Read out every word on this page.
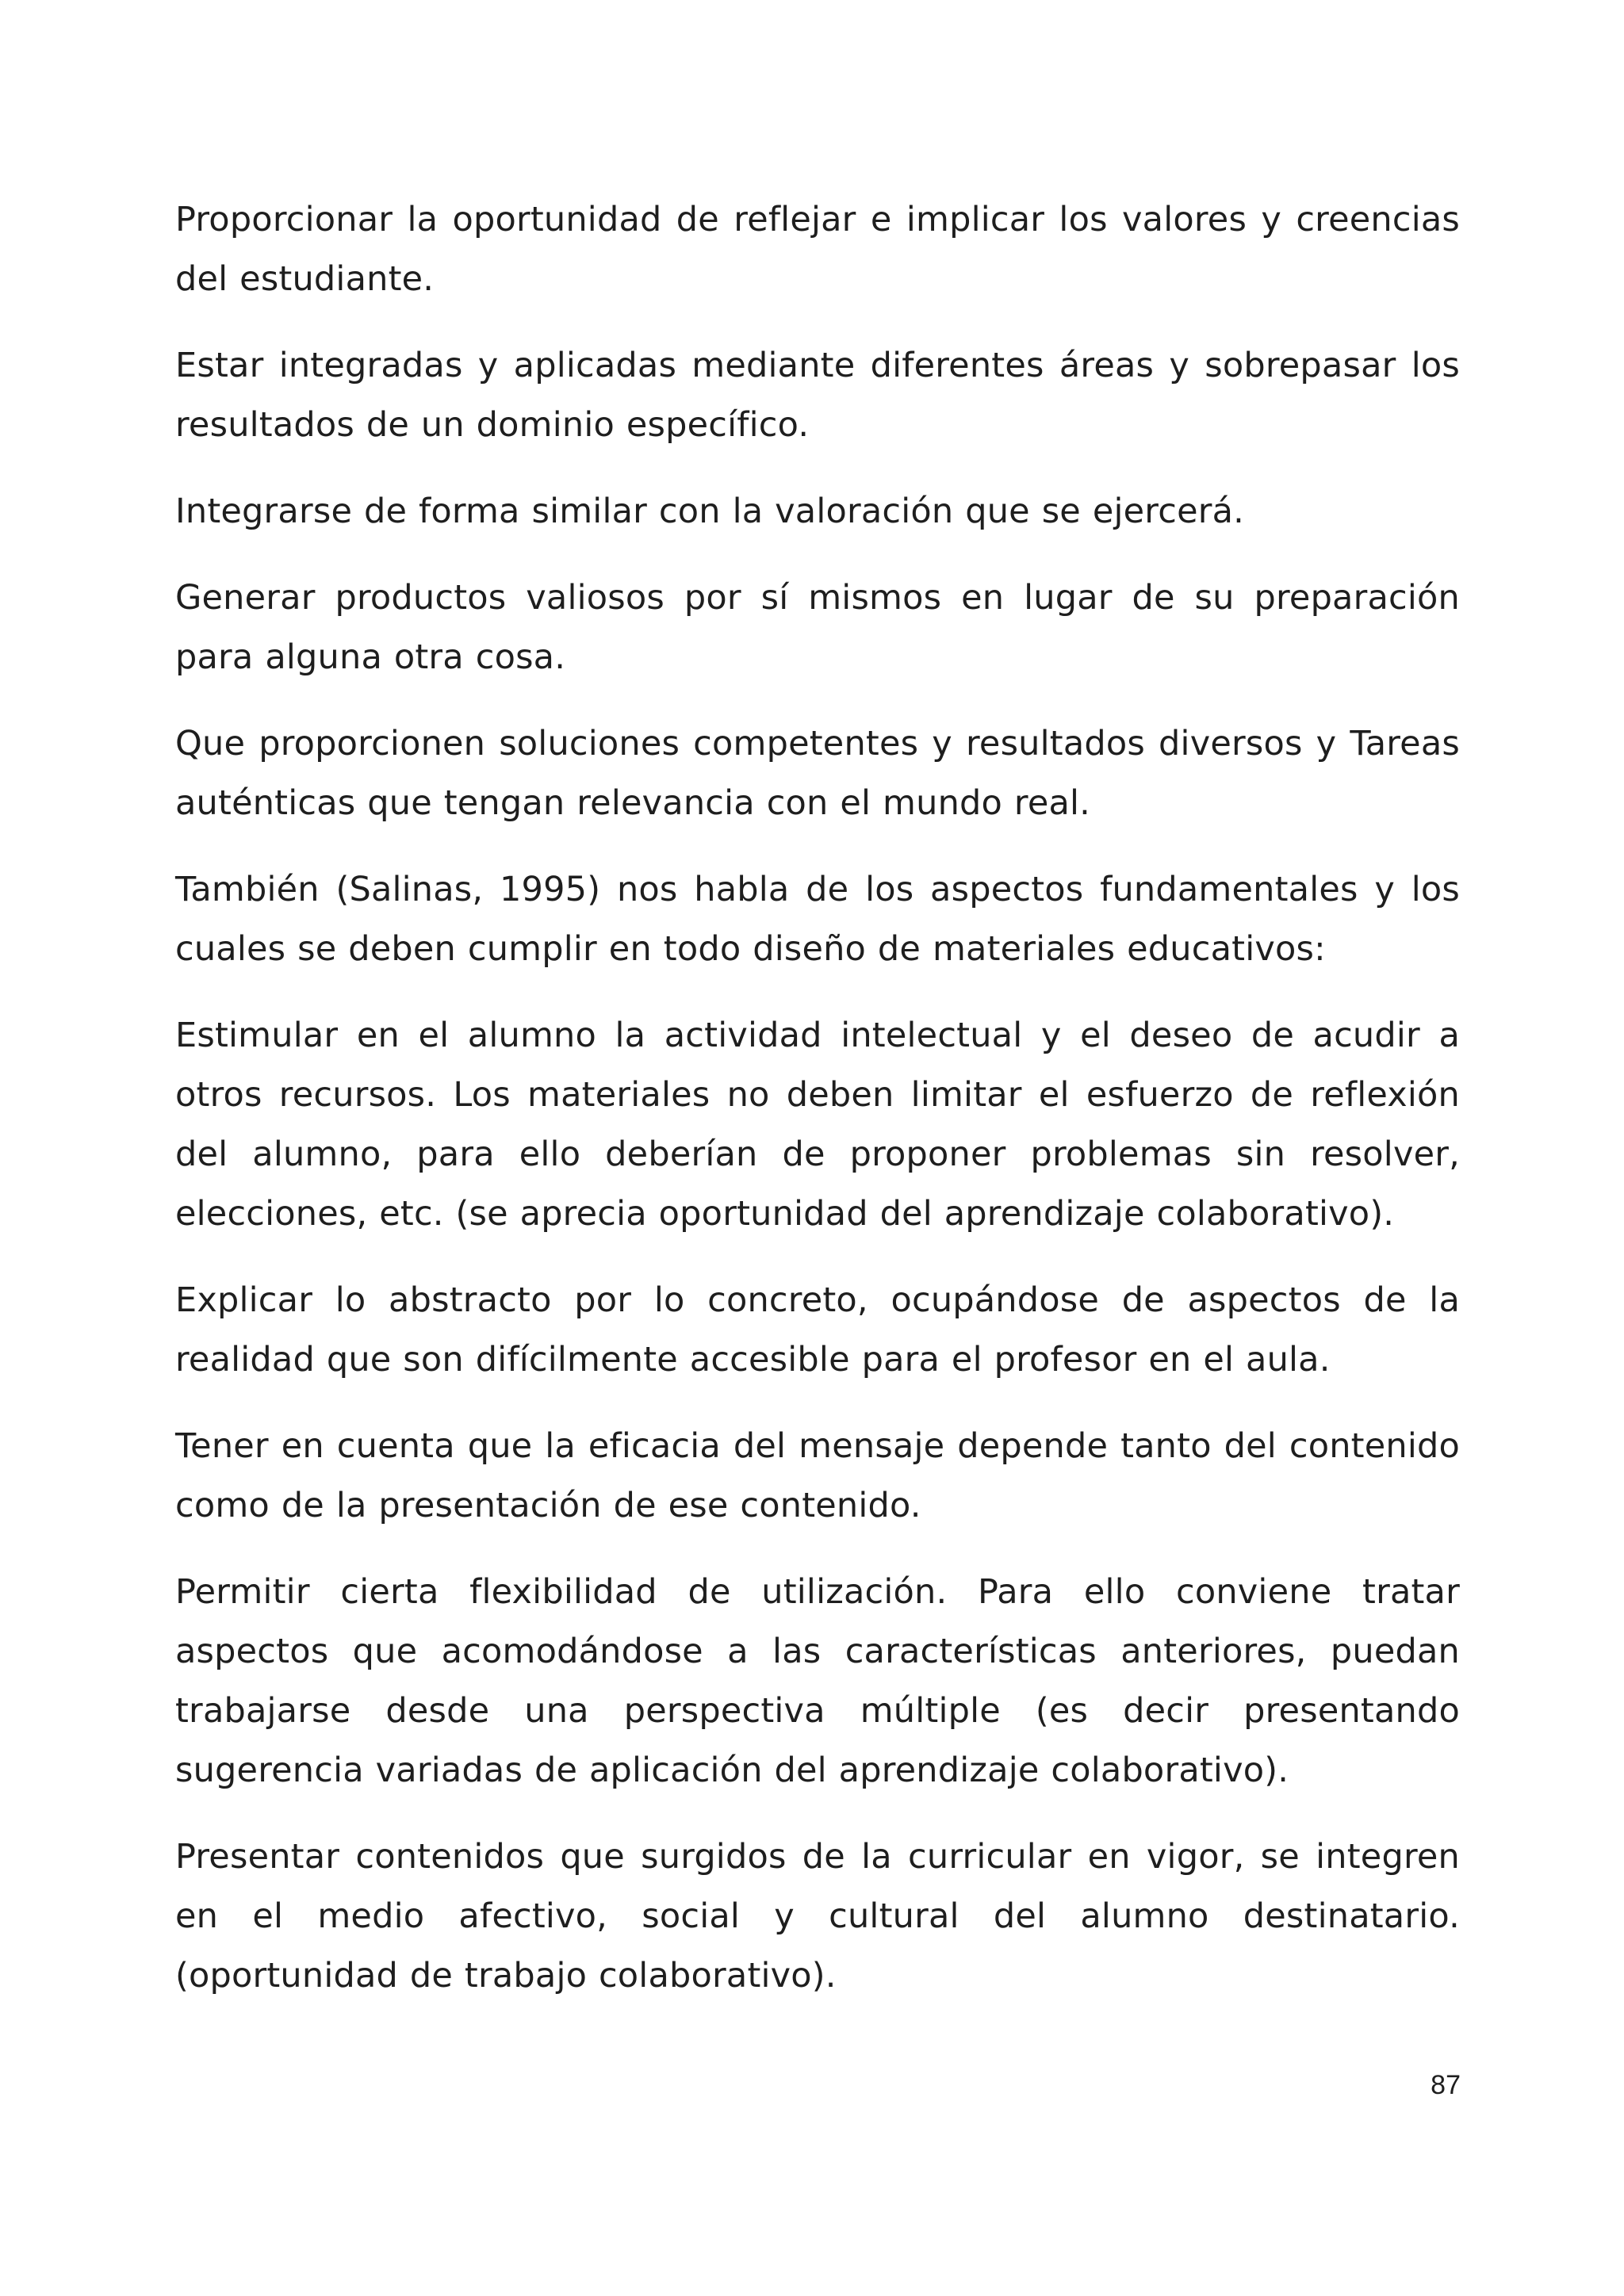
Proporcionar la oportunidad de reflejar e implicar los valores y creencias del estudiante.

Estar integradas y aplicadas mediante diferentes áreas y sobrepasar los resultados de un dominio específico.

Integrarse de forma similar con la valoración que se ejercerá.

Generar productos valiosos por sí mismos en lugar de su preparación para alguna otra cosa.

Que proporcionen soluciones competentes y resultados diversos y Tareas auténticas que tengan relevancia con el mundo real.

También (Salinas, 1995) nos habla de los aspectos fundamentales y los cuales se deben cumplir en todo diseño de materiales educativos:

Estimular en el alumno la actividad intelectual y el deseo de acudir a otros recursos. Los materiales no deben limitar el esfuerzo de reflexión del alumno, para ello deberían de proponer problemas sin resolver, elecciones, etc. (se aprecia oportunidad del aprendizaje colaborativo).

Explicar lo abstracto por lo concreto, ocupándose de aspectos de la realidad que son difícilmente accesible para el profesor en el aula.

Tener en cuenta que la eficacia del mensaje depende tanto del contenido como de la presentación de ese contenido.

Permitir cierta flexibilidad de utilización. Para ello conviene tratar aspectos que acomodándose a las características anteriores, puedan trabajarse desde una perspectiva múltiple (es decir presentando sugerencia variadas de aplicación del aprendizaje colaborativo).

Presentar contenidos que surgidos de la curricular en vigor, se integren en el medio afectivo, social y cultural del alumno destinatario. (oportunidad de trabajo colaborativo).

87
